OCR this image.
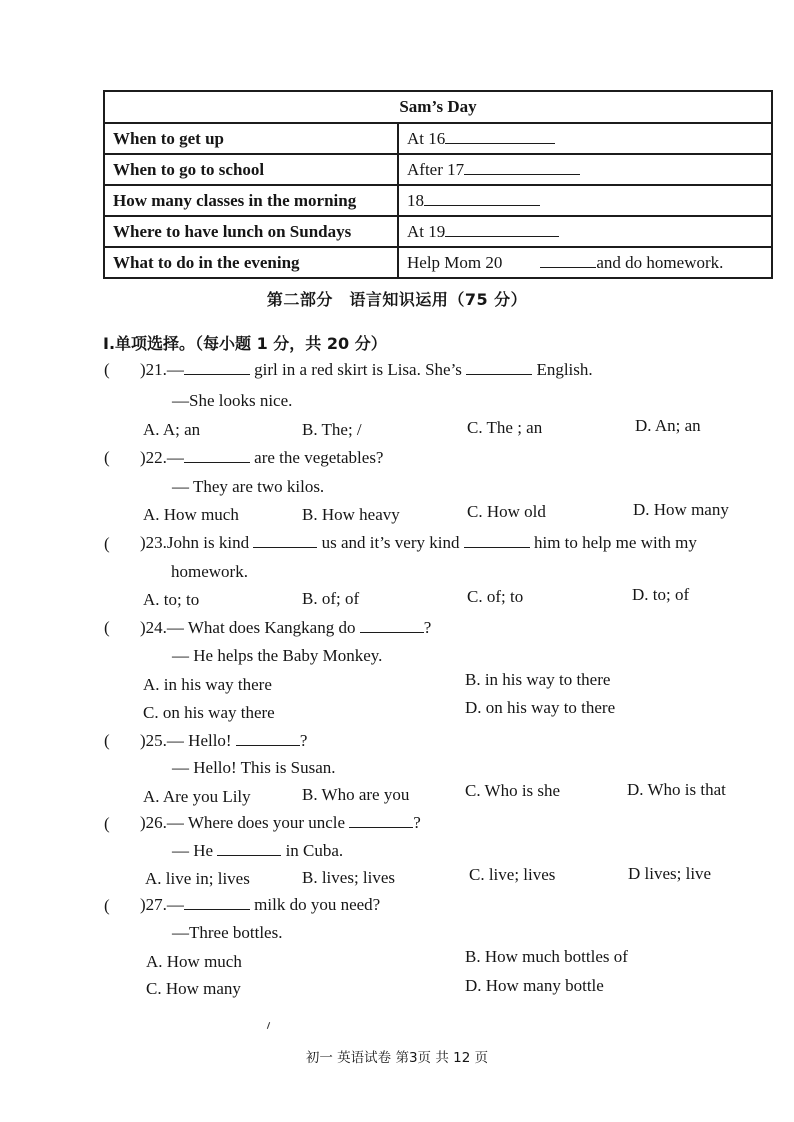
Sam’s Day	
When to get up	At 16
When to go to school	After 17
How many classes in the morning	18
Where to have lunch on Sundays	At 19
What to do in the evening	Help Mom 20 and do homework.
第二部分　语言知识运用（75 分）
I.单项选择。（每小题 1 分，共 20 分）
( )21.—	girl in a red skirt is Lisa. She’s	English.
—She looks nice.
A. A; an	B. The; /	C. The ; an	D. An; an
( )22.—	are the vegetables?
— They are two kilos.
A. How much	B. How heavy	C. How old	D. How many
( )23.John is kind	us and it’s very kind	him to help me with my
homework.
A. to; to	B. of; of	C. of; to	D. to; of
( )24.— What does Kangkang do	?
— He helps the Baby Monkey.
A. in his way there	B. in his way to there
C. on his way there	D. on his way to there
( )25.— Hello!	?
— Hello! This is Susan.
A. Are you Lily	B. Who are you	C. Who is she	D. Who is that
( )26.— Where does your uncle	?
— He	in Cuba.
A. live in; lives	B. lives; lives	C. live; lives	D lives; live
( )27.—	milk do you need?
—Three bottles.
A. How much	B. How much bottles of
C. How many	D. How many bottle
初一 英语试卷 第3页 共 12 页
